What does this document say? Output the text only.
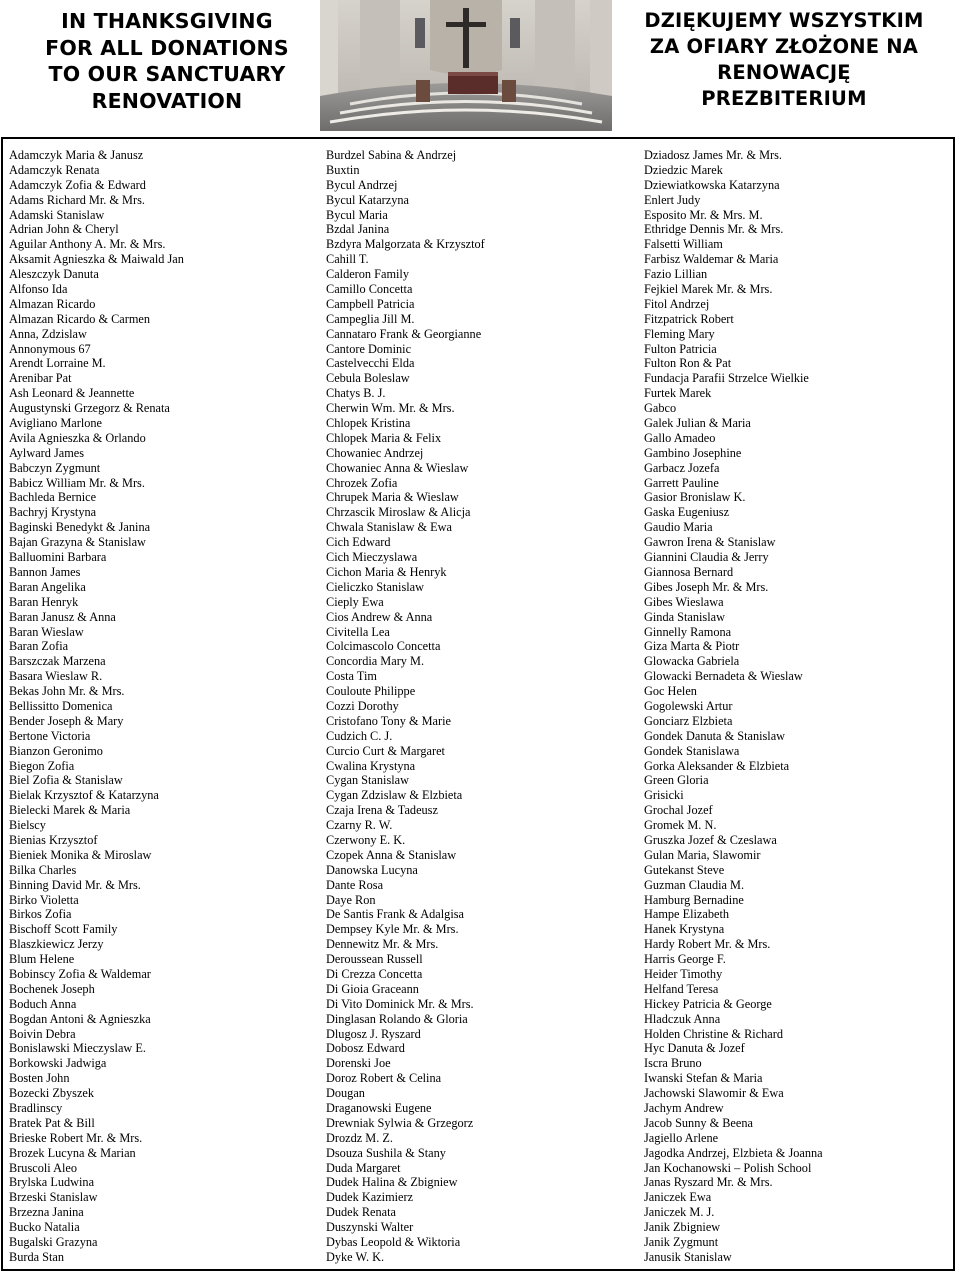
IN THANKSGIVING
FOR ALL DONATIONS
TO OUR SANCTUARY
RENOVATION
DZIĘKUJEMY WSZYSTKIM
ZA OFIARY ZŁOŻONE NA
RENOWACJĘ
PREZBITERIUM
Adamczyk Maria & Janusz
Adamczyk Renata
Adamczyk Zofia & Edward
Adams Richard Mr. & Mrs.
Adamski Stanislaw
Adrian John & Cheryl
Aguilar Anthony A. Mr. & Mrs.
Aksamit Agnieszka & Maiwald Jan
Aleszczyk Danuta
Alfonso Ida
Almazan Ricardo
Almazan Ricardo & Carmen
Anna, Zdzislaw
Annonymous 67
Arendt Lorraine M.
Arenibar Pat
Ash Leonard & Jeannette
Augustynski Grzegorz & Renata
Avigliano Marlone
Avila Agnieszka & Orlando
Aylward James
Babczyn Zygmunt
Babicz William Mr. & Mrs.
Bachleda Bernice
Bachryj Krystyna
Baginski Benedykt & Janina
Bajan Grazyna & Stanislaw
Balluomini Barbara
Bannon James
Baran Angelika
Baran Henryk
Baran Janusz & Anna
Baran Wieslaw
Baran Zofia
Barszczak Marzena
Basara Wieslaw R.
Bekas John Mr. & Mrs.
Bellissitto Domenica
Bender Joseph & Mary
Bertone Victoria
Bianzon Geronimo
Biegon Zofia
Biel Zofia & Stanislaw
Bielak Krzysztof & Katarzyna
Bielecki Marek & Maria
Bielscy
Bienias Krzysztof
Bieniek Monika & Miroslaw
Bilka Charles
Binning David Mr. & Mrs.
Birko Violetta
Birkos Zofia
Bischoff Scott Family
Blaszkiewicz Jerzy
Blum Helene
Bobinscy Zofia & Waldemar
Bochenek Joseph
Boduch Anna
Bogdan Antoni & Agnieszka
Boivin Debra
Bonislawski Mieczyslaw E.
Borkowski Jadwiga
Bosten John
Bozecki Zbyszek
Bradlinscy
Bratek Pat & Bill
Brieske Robert Mr. & Mrs.
Brozek Lucyna & Marian
Bruscoli Aleo
Brylska Ludwina
Brzeski Stanislaw
Brzezna Janina
Bucko Natalia
Bugalski Grazyna
Burda Stan
Burdzel Sabina & Andrzej
Buxtin
Bycul Andrzej
Bycul Katarzyna
Bycul Maria
Bzdal Janina
Bzdyra Malgorzata & Krzysztof
Cahill T.
Calderon Family
Camillo Concetta
Campbell Patricia
Campeglia Jill M.
Cannataro Frank & Georgianne
Cantore Dominic
Castelvecchi Elda
Cebula Boleslaw
Chatys B. J.
Cherwin Wm. Mr. & Mrs.
Chlopek Kristina
Chlopek Maria & Felix
Chowaniec Andrzej
Chowaniec Anna & Wieslaw
Chrozek Zofia
Chrupek Maria & Wieslaw
Chrzascik Miroslaw & Alicja
Chwala Stanislaw & Ewa
Cich Edward
Cich Mieczyslawa
Cichon Maria & Henryk
Cieliczko Stanislaw
Cieply Ewa
Cios Andrew & Anna
Civitella Lea
Colcimascolo Concetta
Concordia Mary M.
Costa Tim
Couloute Philippe
Cozzi Dorothy
Cristofano Tony & Marie
Cudzich C. J.
Curcio Curt & Margaret
Cwalina Krystyna
Cygan Stanislaw
Cygan Zdzislaw & Elzbieta
Czaja Irena & Tadeusz
Czarny R. W.
Czerwony E. K.
Czopek Anna & Stanislaw
Danowska Lucyna
Dante Rosa
Daye Ron
De Santis Frank & Adalgisa
Dempsey Kyle Mr. & Mrs.
Dennewitz Mr. & Mrs.
Deroussean Russell
Di Crezza Concetta
Di Gioia Graceann
Di Vito Dominick Mr. & Mrs.
Dinglasan Rolando & Gloria
Dlugosz J. Ryszard
Dobosz Edward
Dorenski Joe
Doroz Robert & Celina
Dougan
Draganowski Eugene
Drewniak Sylwia & Grzegorz
Drozdz M. Z.
Dsouza Sushila & Stany
Duda Margaret
Dudek Halina & Zbigniew
Dudek Kazimierz
Dudek Renata
Duszynski Walter
Dybas Leopold & Wiktoria
Dyke W. K.
Dziadosz James Mr. & Mrs.
Dziedzic Marek
Dziewiatkowska Katarzyna
Enlert Judy
Esposito Mr. & Mrs. M.
Ethridge Dennis Mr. & Mrs.
Falsetti William
Farbisz Waldemar & Maria
Fazio Lillian
Fejkiel Marek Mr. & Mrs.
Fitol Andrzej
Fitzpatrick Robert
Fleming Mary
Fulton Patricia
Fulton Ron & Pat
Fundacja Parafii Strzelce Wielkie
Furtek Marek
Gabco
Galek Julian & Maria
Gallo Amadeo
Gambino Josephine
Garbacz Jozefa
Garrett Pauline
Gasior Bronislaw K.
Gaska Eugeniusz
Gaudio Maria
Gawron Irena & Stanislaw
Giannini Claudia & Jerry
Giannosa Bernard
Gibes Joseph Mr. & Mrs.
Gibes Wieslawa
Ginda Stanislaw
Ginnelly Ramona
Giza Marta & Piotr
Glowacka Gabriela
Glowacki Bernadeta & Wieslaw
Goc Helen
Gogolewski Artur
Gonciarz Elzbieta
Gondek Danuta & Stanislaw
Gondek Stanislawa
Gorka Aleksander & Elzbieta
Green Gloria
Grisicki
Grochal Jozef
Gromek M. N.
Gruszka Jozef & Czeslawa
Gulan Maria, Slawomir
Gutekanst Steve
Guzman Claudia M.
Hamburg Bernadine
Hampe Elizabeth
Hanek Krystyna
Hardy Robert Mr. & Mrs.
Harris George F.
Heider Timothy
Helfand Teresa
Hickey Patricia & George
Hladczuk Anna
Holden Christine & Richard
Hyc Danuta & Jozef
Iscra Bruno
Iwanski Stefan & Maria
Jachowski Slawomir & Ewa
Jachym Andrew
Jacob Sunny & Beena
Jagiello Arlene
Jagodka Andrzej, Elzbieta & Joanna
Jan Kochanowski – Polish School
Janas Ryszard Mr. & Mrs.
Janiczek Ewa
Janiczek M. J.
Janik Zbigniew
Janik Zygmunt
Janusik Stanislaw
